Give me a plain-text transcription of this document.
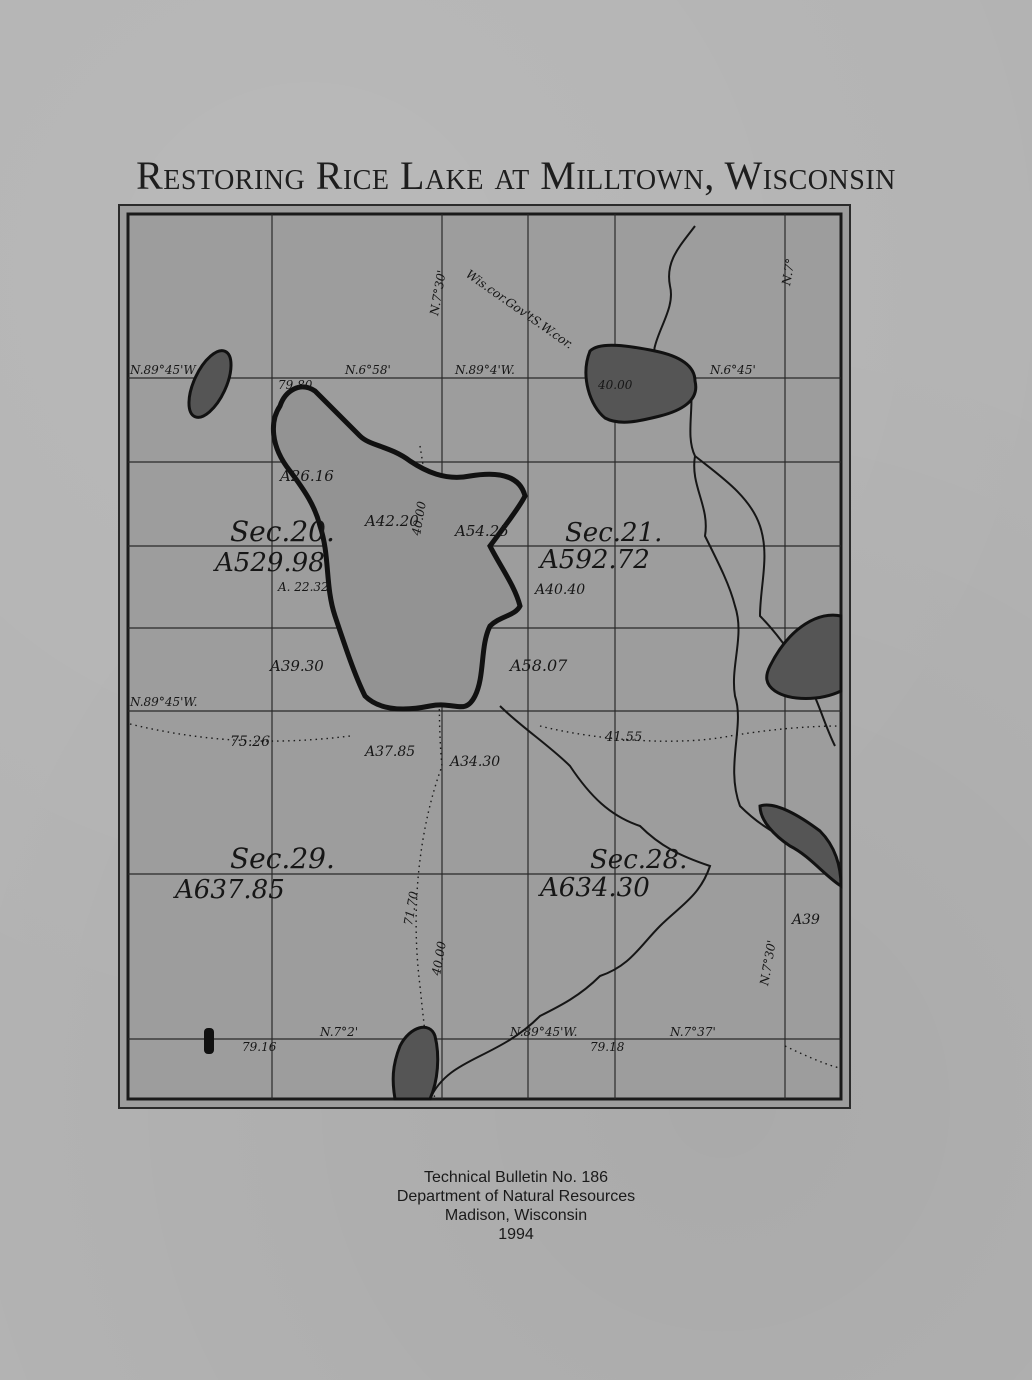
Restoring Rice Lake at Milltown, Wisconsin
Sec.20.
A529.98
Sec.21.
A592.72
Sec.29.
A637.85
Sec.28.
A634.30
N.89°45'W	N.6°58'	N.89°4'W.	N.6°45'
N.7°30'	N.7°
Wis.cor.Gov'tS.W.cor.
79.80	40.00
A26.16
A42.20
A54.25
A40.40
A. 22.32
A39.30	A58.07
A37.85
A34.30
75.26	41.55
79.16	79.18
N.7°2'	N.89°45'W.	N.7°37'
N.7°30'
A39
N.89°45'W.
40.00
71.70
40.00
Technical Bulletin No. 186
Department of Natural Resources
Madison, Wisconsin
1994
